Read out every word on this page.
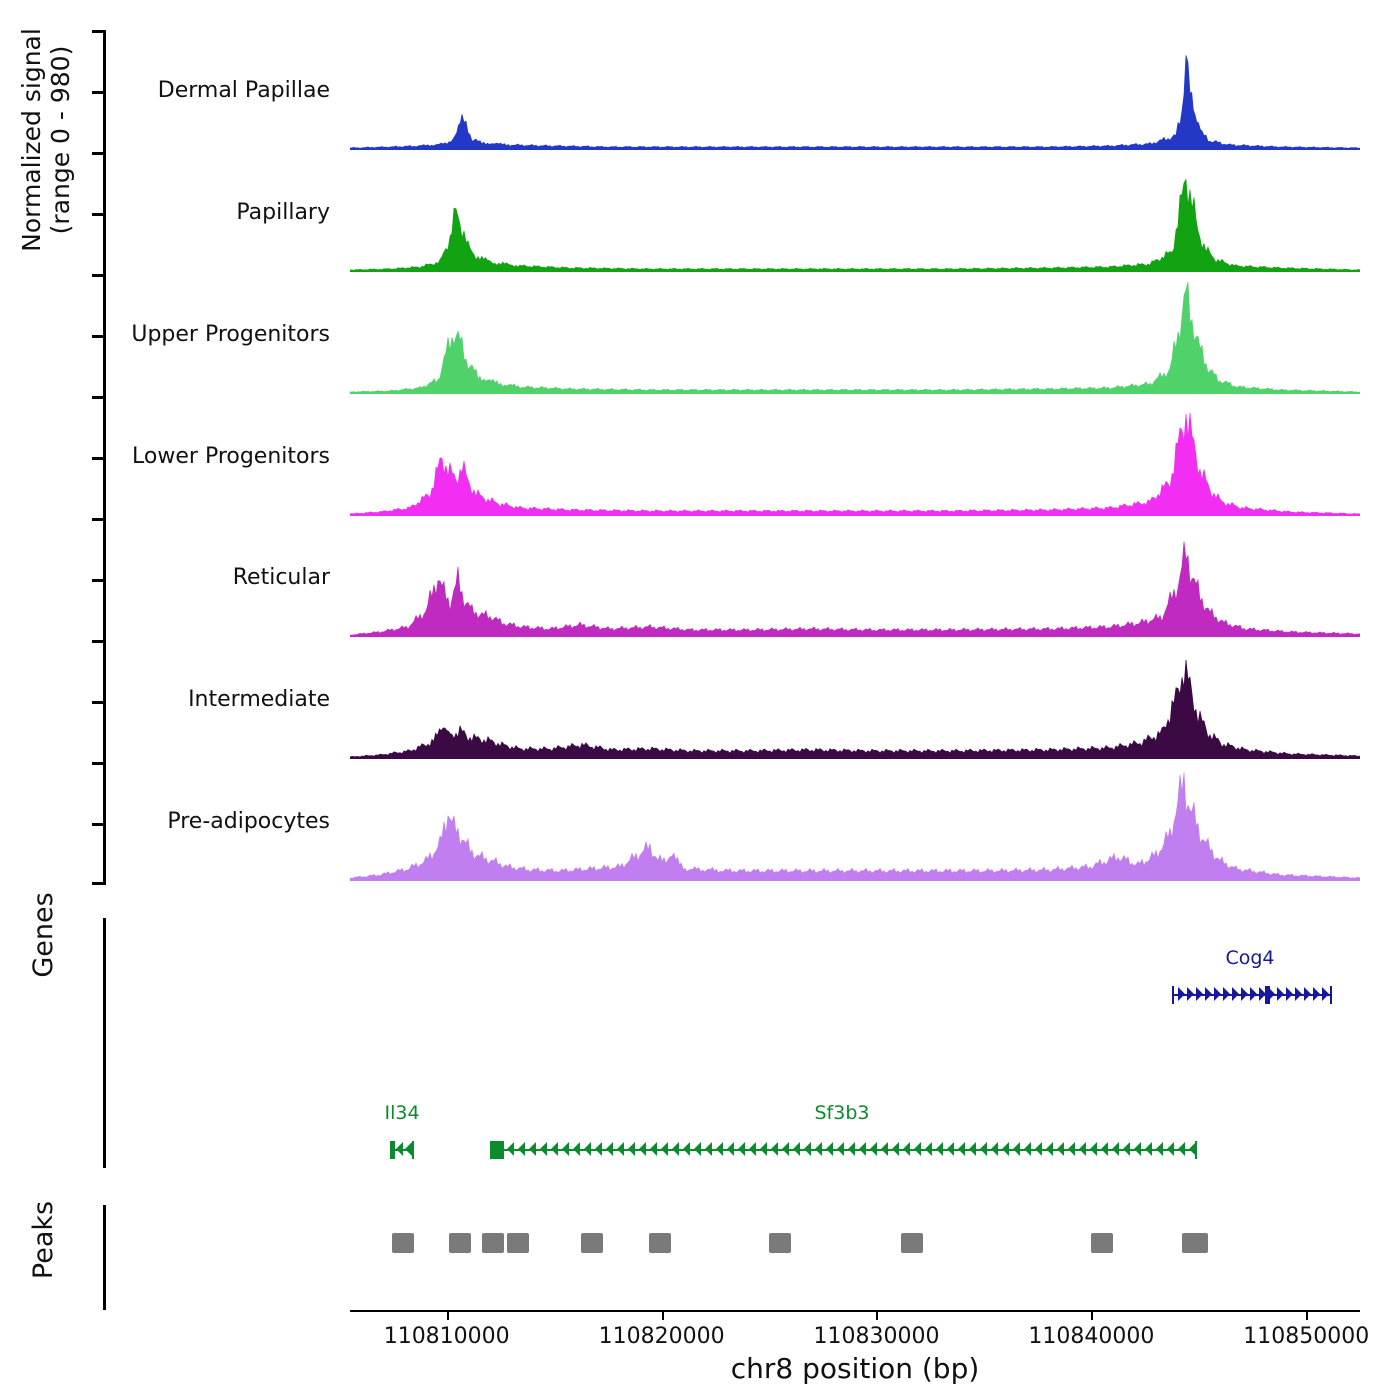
Normalized signal (range 0 - 980)
Genes
Peaks
Dermal Papillae
Papillary
Upper Progenitors
Lower Progenitors
Reticular
Intermediate
Pre-adipocytes
Cog4
Il34	Sf3b3
110810000	110820000	110830000	110840000	110850000
chr8 position (bp)
